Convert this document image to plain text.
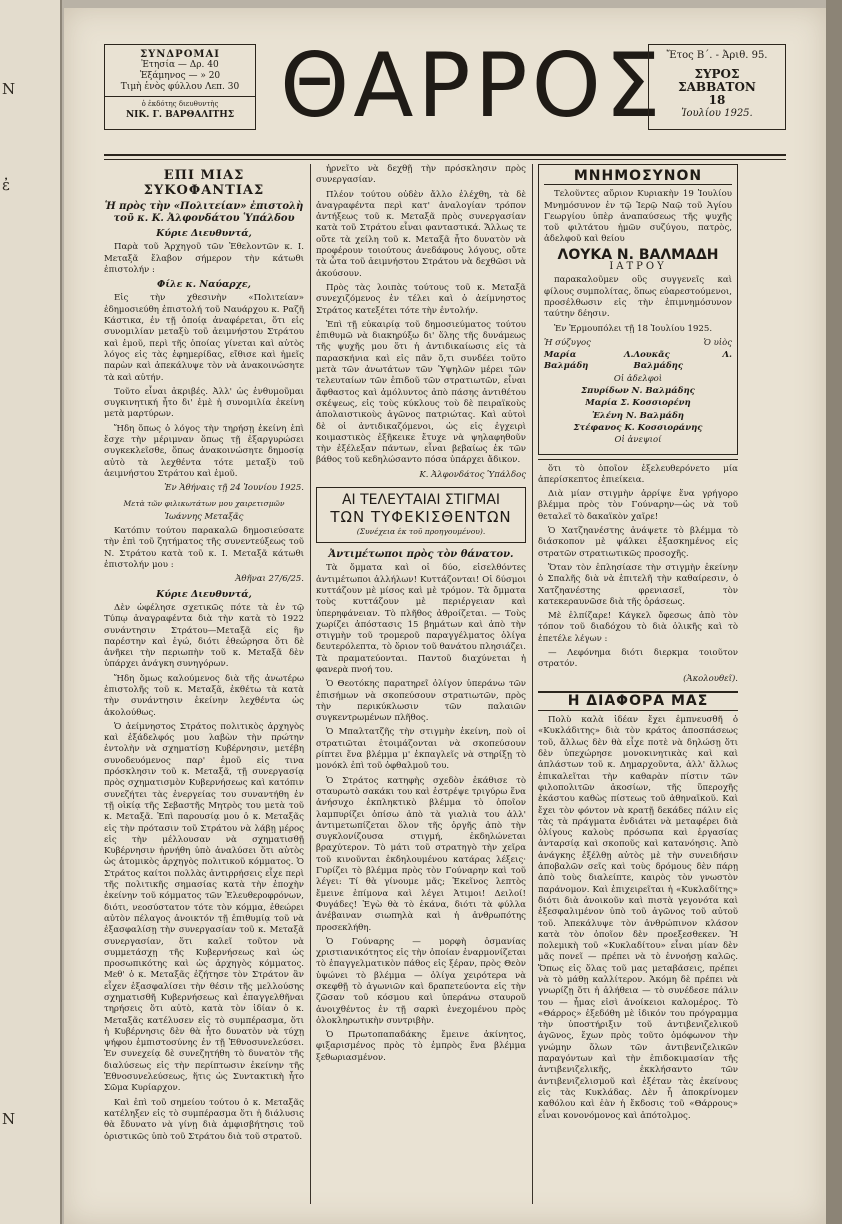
N
ἐ
N
ΣΥΝΔΡΟΜΑΙ
Ἐτησία — Δρ. 40
Ἑξάμηνος — » 20
Τιμὴ ἑνὸς φύλλου Λεπ. 30
ὁ ἐκδότης διευθυντὴς
ΝΙΚ. Γ. ΒΑΡΘΑΛΙΤΗΣ ΘΑΡΡΟΣ Ἔτος Β΄. - Ἀριθ. 95.
ΣΥΡΟΣ
ΣΑΒΒΑΤΟΝ
18
Ἰουλίου 1925.
ΕΠΙ ΜΙΑΣ ΣΥΚΟΦΑΝΤΙΑΣ
Ἡ πρὸς τὴν «Πολιτείαν» ἐπιστολὴ τοῦ κ. Κ. Ἀλφονδάτου Ὑπάλδου
Κύριε Διευθυντά,

Παρὰ τοῦ Ἀρχηγοῦ τῶν Ἐθελοντῶν κ. Ι. Μεταξᾶ ἔλαβον σήμερον τὴν κάτωθι ἐπιστολήν :

Φίλε κ. Ναύαρχε,

Εἰς τὴν χθεσινὴν «Πολιτείαν» ἐδημοσιεύθη ἐπιστολή τοῦ Ναυάρχου κ. Ραζῆ Κάστικα, ἐν τῇ ὁποίᾳ ἀναφέρεται, ὅτι εἰς συνομιλίαν μεταξὺ τοῦ ἀειμνήστου Στράτου καὶ ἐμοῦ, περὶ τῆς ὁποίας γίνεται καὶ αὐτὸς λόγος εἰς τὰς ἐφημερίδας, εἴθισε καὶ ἡμεῖς παρὼν καὶ ἀπεκάλυψε τὸν νὰ ἀνακοινώσητε τὰ καὶ αὐτήν.

Τοῦτο εἶναι ἀκριβές. Ἀλλ' ὡς ἐνθυμοῦμαι συγκινητική ἦτο δι' ἐμὲ ἡ συνομιλία ἐκείνη μετὰ μαρτύρων.

Ἤδη ὅπως ὁ λόγος τὴν τηρήσῃ ἐκείνη ἐπὶ ἔσχε τὴν μέριμναν ὅπως τῇ ἐξαργυρώσει συγκεκλεῖσθε, ὅπως ἀνακοινώσητε δημοσίᾳ αὐτὸ τὰ λεχθέντα τότε μεταξὺ τοῦ ἀειμνήστου Στράτου καὶ ἐμοῦ.

Ἐν Ἀθήναις τῇ 24 Ἰουνίου 1925.
Μετὰ τῶν φιλικωτάτων μου χαιρετισμῶν
Ἰωάννης Μεταξᾶς

Κατόπιν τούτου παρακαλῶ δημοσιεύσατε τὴν ἐπὶ τοῦ ζητήματος τῆς συνεντεύξεως τοῦ Ν. Στράτου κατὰ τοῦ κ. Ι. Μεταξᾶ κάτωθι ἐπιστολήν μου :

Ἀθῆναι 27/6/25.
Κύριε Διευθυντά,

Δὲν ὡφέλησε σχετικῶς πότε τὰ ἐν τῷ Τύπῳ ἀναγραφέντα διὰ τὴν κατὰ τὸ 1922 συνάντησιν Στράτου—Μεταξᾶ εἰς ἣν παρέστην καὶ ἐγώ, διότι ἐθεώρησα ὅτι δὲ ἀνῆκει τὴν περιωπὴν τοῦ κ. Μεταξᾶ δὲν ὑπάρχει ἀνάγκη συνηγόρων.

Ἤδη ὅμως καλούμενος διὰ τῆς ἀνωτέρω ἐπιστολῆς τοῦ κ. Μεταξᾶ, ἐκθέτω τὰ κατὰ τὴν συνάντησιν ἐκείνην λεχθέντα ὡς ἀκολούθως.

Ὁ ἀείμνηστος Στράτος πολιτικὸς ἀρχηγὸς καὶ ἐξάδελφός μου λαβὼν τὴν πρώτην ἐντολὴν νὰ σχηματίσῃ Κυβέρνησιν, μετέβη συνοδευόμενος παρ' ἐμοῦ εἰς τινα πρόσκλησιν τοῦ κ. Μεταξᾶ, τῇ συνεργασίᾳ πρὸς σχηματισμὸν Κυβερνήσεως καὶ κατόπιν συνεζήτει τὰς ἐνεργείας του συναντήθη ἐν τῇ οἰκίᾳ τῆς Σεβαστῆς Μητρὸς του μετὰ τοῦ κ. Μεταξᾶ. Ἐπὶ παρουσίᾳ μου ὁ κ. Μεταξᾶς εἰς τὴν πρότασιν τοῦ Στράτου νὰ λάβῃ μέρος εἰς τὴν μέλλουσαν νὰ σχηματισθῇ Κυβέρνησιν ἠρνήθη ὑπὸ ἀναλύσει ὅτι αὐτὸς ὡς ἀτομικὸς ἀρχηγὸς πολιτικοῦ κόμματος. Ὁ Στράτος καίτοι πολλὰς ἀντιρρήσεις εἶχε περὶ τῆς πολιτικῆς σημασίας κατὰ τὴν ἐποχὴν ἐκείνην τοῦ κόμματος τῶν Ἐλευθεροφρόνων, διότι, νεοσύστατον τότε τὸν κόμμα, ἐθεώρει αὐτὸν πέλαγος ἀνοικτόν τῇ ἐπιθυμίᾳ τοῦ νὰ ἐξασφαλίσῃ τὴν συνεργασίαν τοῦ κ. Μεταξᾶ συνεργασίαν, ὅτι καλεῖ τοῦτον νὰ συμμετάσχῃ τῆς Κυβερνήσεως καὶ ὡς προσωπικότης καὶ ὡς ἀρχηγὸς κόμματος. Μεθ' ὁ κ. Μεταξᾶς ἐζήτησε τὸν Στράτον ἂν εἶχεν ἐξασφαλίσει τὴν θέσιν τῆς μελλούσης σχηματισθῆ Κυβερνήσεως καὶ ἐπαγγελθῆναι τηρήσεις ὅτι αὐτὸ, κατὰ τὸν ἰδίαν ὁ κ. Μεταξᾶς κατέλυσεν εἰς τὸ συμπέρασμα, ὅτι ἡ Κυβέρνησις δὲν θὰ ἦτο δυνατὸν νὰ τύχῃ ψήφου ἐμπιστοσύνης ἐν τῇ Ἐθνοσυνελεύσει. Ἐν συνεχείᾳ δὲ συνεζητήθη τὸ δυνατὸν τῆς διαλύσεως εἰς τὴν περίπτωσιν ἐκείνην τῆς Ἐθνοσυνελεύσεως, ἥτις ὡς Συντακτικὴ ἦτο Σῶμα Κυρίαρχον.

Καὶ ἐπὶ τοῦ σημείου τούτου ὁ κ. Μεταξᾶς κατέληξεν εἰς τὸ συμπέρασμα ὅτι ἡ διάλυσις θὰ ἔδυνατο νὰ γίνῃ διὰ ἀμφισβήτησις τοῦ ὁριστικῶς ὑπὸ τοῦ Στράτου διὰ τοῦ στρατοῦ.

ἠρνεῖτο νὰ δεχθῇ τὴν πρόσκλησιν πρὸς συνεργασίαν.

Πλέον τούτου οὐδὲν ἄλλο ἐλέχθη, τὰ δὲ ἀναγραφέντα περὶ κατ' ἀναλογίαν τρόπον ἀντήξεως τοῦ κ. Μεταξᾶ πρὸς συνεργασίαν κατὰ τοῦ Στράτου εἶναι φανταστικά. Ἄλλως τε οὔτε τὰ χείλη τοῦ κ. Μεταξᾶ ἦτο δυνατὸν νὰ προφέρουν τοιούτους ἀνεδάφους λόγους, οὔτε τὰ ὦτα τοῦ ἀειμνήστου Στράτου νὰ δεχθῶσι νὰ ἀκούσουν.

Πρὸς τὰς λοιπὰς τούτους τοῦ κ. Μεταξᾶ συνεχιζόμενος ἐν τέλει καὶ ὁ ἀείμνηστος Στράτος κατεξέτει τότε τὴν ἐντολήν.

Ἐπὶ τῇ εὐκαιρίᾳ τοῦ δημοσιεύματος τούτου ἐπιθυμῶ νὰ διακηρύξω δι' ὅλης τῆς δυνάμεως τῆς ψυχῆς μου ὅτι ἡ ἀντιδικαίωσις εἰς τὰ παρασκήνια καὶ εἰς πᾶν ὅ,τι συνδέει τοῦτο μετὰ τῶν ἀνωτάτων τῶν Ὑψηλῶν μέρει τῶν τελευταίων τῶν ἐπιδοῦ τῶν στρατιωτῶν, εἶναι ἄφθαστος καὶ ἀμόλυντος ἀπὸ πάσης ἀντιθέτου σκέψεως, εἰς τοὺς κύκλους τοὺ δὲ πειραϊκοὺς ἀπολαιστικοὺς ἀγῶνος πατριώτας. Καὶ αὐτοὶ δὲ οἱ ἀντιδικαζόμενοι, ὡς εἰς ἐγχειρὶ κοιμαστικὸς ἐξῆκεικε ἔτυχε νὰ ψηλαφηθοῦν τὴν ἐξέλεξαν πάντων, εἶναι βεβαίως ἐκ τῶν βάθος τοῦ κεδηλώσαντο πόσα ὑπάρχει ἄδικον.

Κ. Ἀλφονδάτος Ὑπάλδος
ΑΙ ΤΕΛΕΥΤΑΙΑΙ ΣΤΙΓΜΑΙ
ΤΩΝ ΤΥΦΕΚΙΣΘΕΝΤΩΝ
(Συνέχεια ἐκ τοῦ προηγουμένου).
Ἀντιμέτωποι πρὸς τὸν θάνατον.

Τὰ ὄμματα καὶ οἱ δύο, εἰσελθόντες ἀντιμέτωποι ἀλλήλων! Κυττάζονται! Οἱ δύσμοι κυττάζουν μὲ μίσος καὶ μὲ τρόμον. Τὰ ὄμματα τοὺς κυττάζουν μὲ περιέργειαν καὶ ὑπερηφάνειαν. Τὸ πλῆθος ἀθροίζεται. — Τοὺς χωρίζει ἀπόστασις 15 βημάτων καὶ ἀπὸ τὴν στιγμὴν τοῦ τρομεροῦ παραγγέλματος ὀλίγα δευτερόλεπτα, τὸ ὅριον τοῦ θανάτου πλησιάζει. Τὰ πραματεύονται. Παντοῦ διαχύνεται ἡ φανερὰ πνοή του.

Ὁ Θεοτόκης παρατηρεῖ ὀλίγον ὑπεράνω τῶν ἐπισήμων νὰ σκοπεύσουν στρατιωτῶν, πρὸς τὴν περικύκλωσιν τῶν παλαιῶν συγκεντρωμένων πλῆθος.

Ὁ Μπαλτατζῆς τὴν στιγμὴν ἐκείνη, ποὺ οἱ στρατιῶται ἑτοιμάζονται νὰ σκοπεύσουν ρίπτει ἕνα βλέμμα μ' ἐκπαγλεῖς νὰ στηρίξῃ τὸ μονόκλ ἐπὶ τοῦ ὀφθαλμοῦ του.

Ὁ Στράτος κατηφὴς σχεδὸν ἐκάθισε τὸ σταυρωτὸ σακάκι του καὶ ἐστρέψε τριγύρω ἕνα ἀνήσυχο ἐκπληκτικὸ βλέμμα τὸ ὁποῖον λαμπυρίζει ὀπίσω ἀπὸ τὰ γιαλιὰ του ἀλλ' ἀντιμετωπίζεται ὅλον τῆς ὀργῆς ἀπὸ τὴν συγκλονίζουσα στιγμή, ἐκδηλώνεται βραχύτερον. Τὸ μάτι τοῦ στρατηγὸ τὴν χεῖρα τοῦ κινοῦνται ἐκδηλουμένου κατάρας λέξεις· Γυρίζει τὸ βλέμμα πρὸς τὸν Γούναρην καὶ τοῦ λέγει: Τί θὰ γίνουμε μᾶς; Ἐκεῖνος λεπτὸς ἔμεινε ἐπίμονα καὶ λέγει Ἀτιμοι! Δειλοί! Φυγάδες! Ἐγὼ θὰ τὸ ἐκάνα, διότι τὰ φύλλα ἀνέβαιναν σιωπηλὰ καὶ ἡ ἀνθρωπότης προσεκλήθη.

Ὁ Γούναρης — μορφὴ ὀσμανίας χριστιανικότητος εἰς τὴν ὁποίαν ἐναρμονίζεται τὸ ἐπαγγελματικὸν πάθος εἰς ξέραν, πρὸς Θεὸν ὑψώνει τὸ βλέμμα — ὀλίγα χειρότερα νὰ σκεφθῇ τὸ ἀγωνιῶν καὶ δραπετεύοντα εἰς τὴν ζῶσαν τοῦ κόσμου καὶ ὑπεράνω σταυροῦ ἀνοιχθέντος ἐν τῇ σαρκὶ ἐνεχομένου πρὸς ὁλοκληρωτικὴν συντριβὴν.

Ὁ Πρωτοπαπαδάκης ἔμεινε ἀκίνητος, φιξαρισμένος πρὸς τὸ ἐμπρὸς ἕνα βλέμμα ξεθωριασμένον.

ΜΝΗΜΟΣΥΝΟΝ

Τελοῦντες αὔριον Κυριακὴν 19 Ἰουλίου Μνημόσυνον ἐν τῷ Ἱερῷ Ναῷ τοῦ Ἁγίου Γεωργίου ὑπὲρ ἀναπαύσεως τῆς ψυχῆς τοῦ φιλτάτου ἡμῶν συζύγου, πατρὸς, ἀδελφοῦ καὶ θείου

ΛΟΥΚΑ Ν. ΒΑΛΜΑΔΗ
ΙΑΤΡΟΥ

παρακαλοῦμεν οὓς συγγενεῖς καὶ φίλους συμπολίτας, ὅπως εὐαρεστούμενοι, προσέλθωσιν εἰς τὴν ἐπιμνημόσυνον ταύτην δέησιν.

Ἐν Ἑρμουπόλει τῇ 18 Ἰουλίου 1925.

Ἡ σύζυγος	Ὁ υἱὸς
Μαρία Λ. Βαλμάδη
Λουκᾶς Λ. Βαλμάδης
Οἱ ἀδελφοὶ
Σπυρίδων Ν. Βαλμάδης
Μαρία Σ. Κοσσιορένη
Ἑλένη Ν. Βαλμάδη
Στέφανος Κ. Κοσσιοράνης
Οἱ ἀνεψιοί

ὅτι τὸ ὁποῖον ἐξελευθερόνετο μία ἀπερίσκεπτος ἐπιείκεια.

Διὰ μίαν στιγμὴν ἀρρίψε ἕνα γρήγορο βλέμμα πρὸς τὸν Γούναρην—ὡς νὰ τοῦ θεταλεῖ τὸ δακαϊκὸν χαῖρε!

Ὁ Χατζηανέστης ἀνάψετε τὸ βλέμμα τὸ διάσκοπον μὲ ψάλκει ἐξασκημένος εἰς στρατῶν στρατιωτικῶς προσοχῆς.

Ὅταν τὸν ἐπλησίασε τὴν στιγμὴν ἐκείνην ὁ Σπαλῆς διὰ νὰ ἐπιτελῆ τὴν καθαίρεσιν, ὁ Χατζηανέστης φρενιασεῖ, τὸν κατεκεραυνῶσε διὰ τῆς ὁράσεως.

Μὲ ἐλπίζαρε! Κάγκελ ὄφεσως ἀπὸ τὸν τόπον τοῦ διαδόχου τὸ διὰ ὁλικῆς καὶ τὸ ἐπετέλε λέγων :

— Λεφόνημα διότι διερκμα τοιοῦτον στρατόν.

(Ἀκολουθεῖ).
Η ΔΙΑΦΟΡΑ ΜΑΣ

Πολὺ καλὰ ἰδέαν ἔχει ἐμπνευσθῆ ὁ «Κυκλάδιτης» διὰ τὸν κράτος ἀποσπάσεως τοῦ, ἄλλως δὲν θὰ εἶχε ποτὲ νὰ δηλώσῃ ὅτι δὲν ὑπεχώρησε μονοκινητικὰς καὶ καὶ ἀπλάστων τοῦ κ. Δημαρχοῦντα, ἀλλ' ἄλλως ἐπικαλεῖται τὴν καθαρὰν πίστιν τῶν φιλοπολιτῶν ἀκοσίων, τῆς ὕπεροχῆς ἑκάστου καθὼς πίστεως τοῦ ἀθηναϊκοῦ. Καὶ ἔχει τὸν φόντον νὰ κρατῇ δεκάδες πάλιν εἰς τὰς τὰ πράγματα ἐνδιάτει νὰ μεταφέρει διὰ ὁλίγους καλοὺς πρόσωπα καὶ ἐργασίας ἀνταρσίᾳ καὶ σκοποῦς καὶ κατανόησις. Ἀπὸ ἀνάγκης ἐξέλθῃ αὐτὸς μὲ τὴν συνειδήσιν ἀποβαλῶν σεῖς καὶ τοὺς δρόμους δὲν πάρῃ ἀπὸ τοὺς διαλείπτε, καιρὸς τὸν γνωστὸν παράνομον. Καὶ ἐπιχειρεῖται ἡ «Κυκλαδίτης» διότι διὰ ἀνοικοῦν καὶ πιστὰ γεγονότα καὶ ἐξεσφαλιμένον ὑπὸ τοῦ ἀγῶνος τοῦ αὐτοῦ τοῦ. Ἀπεκάλυψε τὸν ἀνθρώπινον κλάσον κατὰ τὸν ὁποῖον δὲν προεξεσθεκεν. Ἡ πολεμικὴ τοῦ «Κυκλαδίτου» εἶναι μίαν δὲν μᾶς πονεῖ — πρέπει νὰ τὸ ἐννοήσῃ καλῶς. Ὅπως εἰς ὅλας τοῦ μας μεταβάσεις, πρέπει νὰ τὸ μάθῃ καλλίτερον. Ἀκόμη δὲ πρέπει νὰ γνωρίζῃ ὅτι ἡ ἀλήθεια — τὸ συνέδεσε πάλιν του — ἦμας εἰσὶ ἀνοίκειοι καλομέρος. Τὸ «Θάρρος» ἐξεδόθη μὲ ἰδικόν του πρόγραμμα τὴν ὑποστήριξιν τοῦ ἀντιβενιζελικοῦ ἀγῶνος, ἔχων πρὸς τοῦτο ὁμόφωνον τὴν γνώμην ὅλων τῶν ἀντιβενιζελικῶν παραγόντων καὶ τὴν ἐπιδοκιμασίαν τῆς ἀντιβενιζελικῆς, ἐκκλήσαντο τῶν ἀντιβενιζελισμοῦ καὶ ἐξέταν τὰς ἐκείνους εἰς τὰς Κυκλάδας. Δὲν ἦ ἀποκρίνομεν καθόλου καὶ ἐὰν ἡ ἔκδοσις τοῦ «Θάρρους» εἶναι κονονόμονος καὶ ἀπότολμος.
